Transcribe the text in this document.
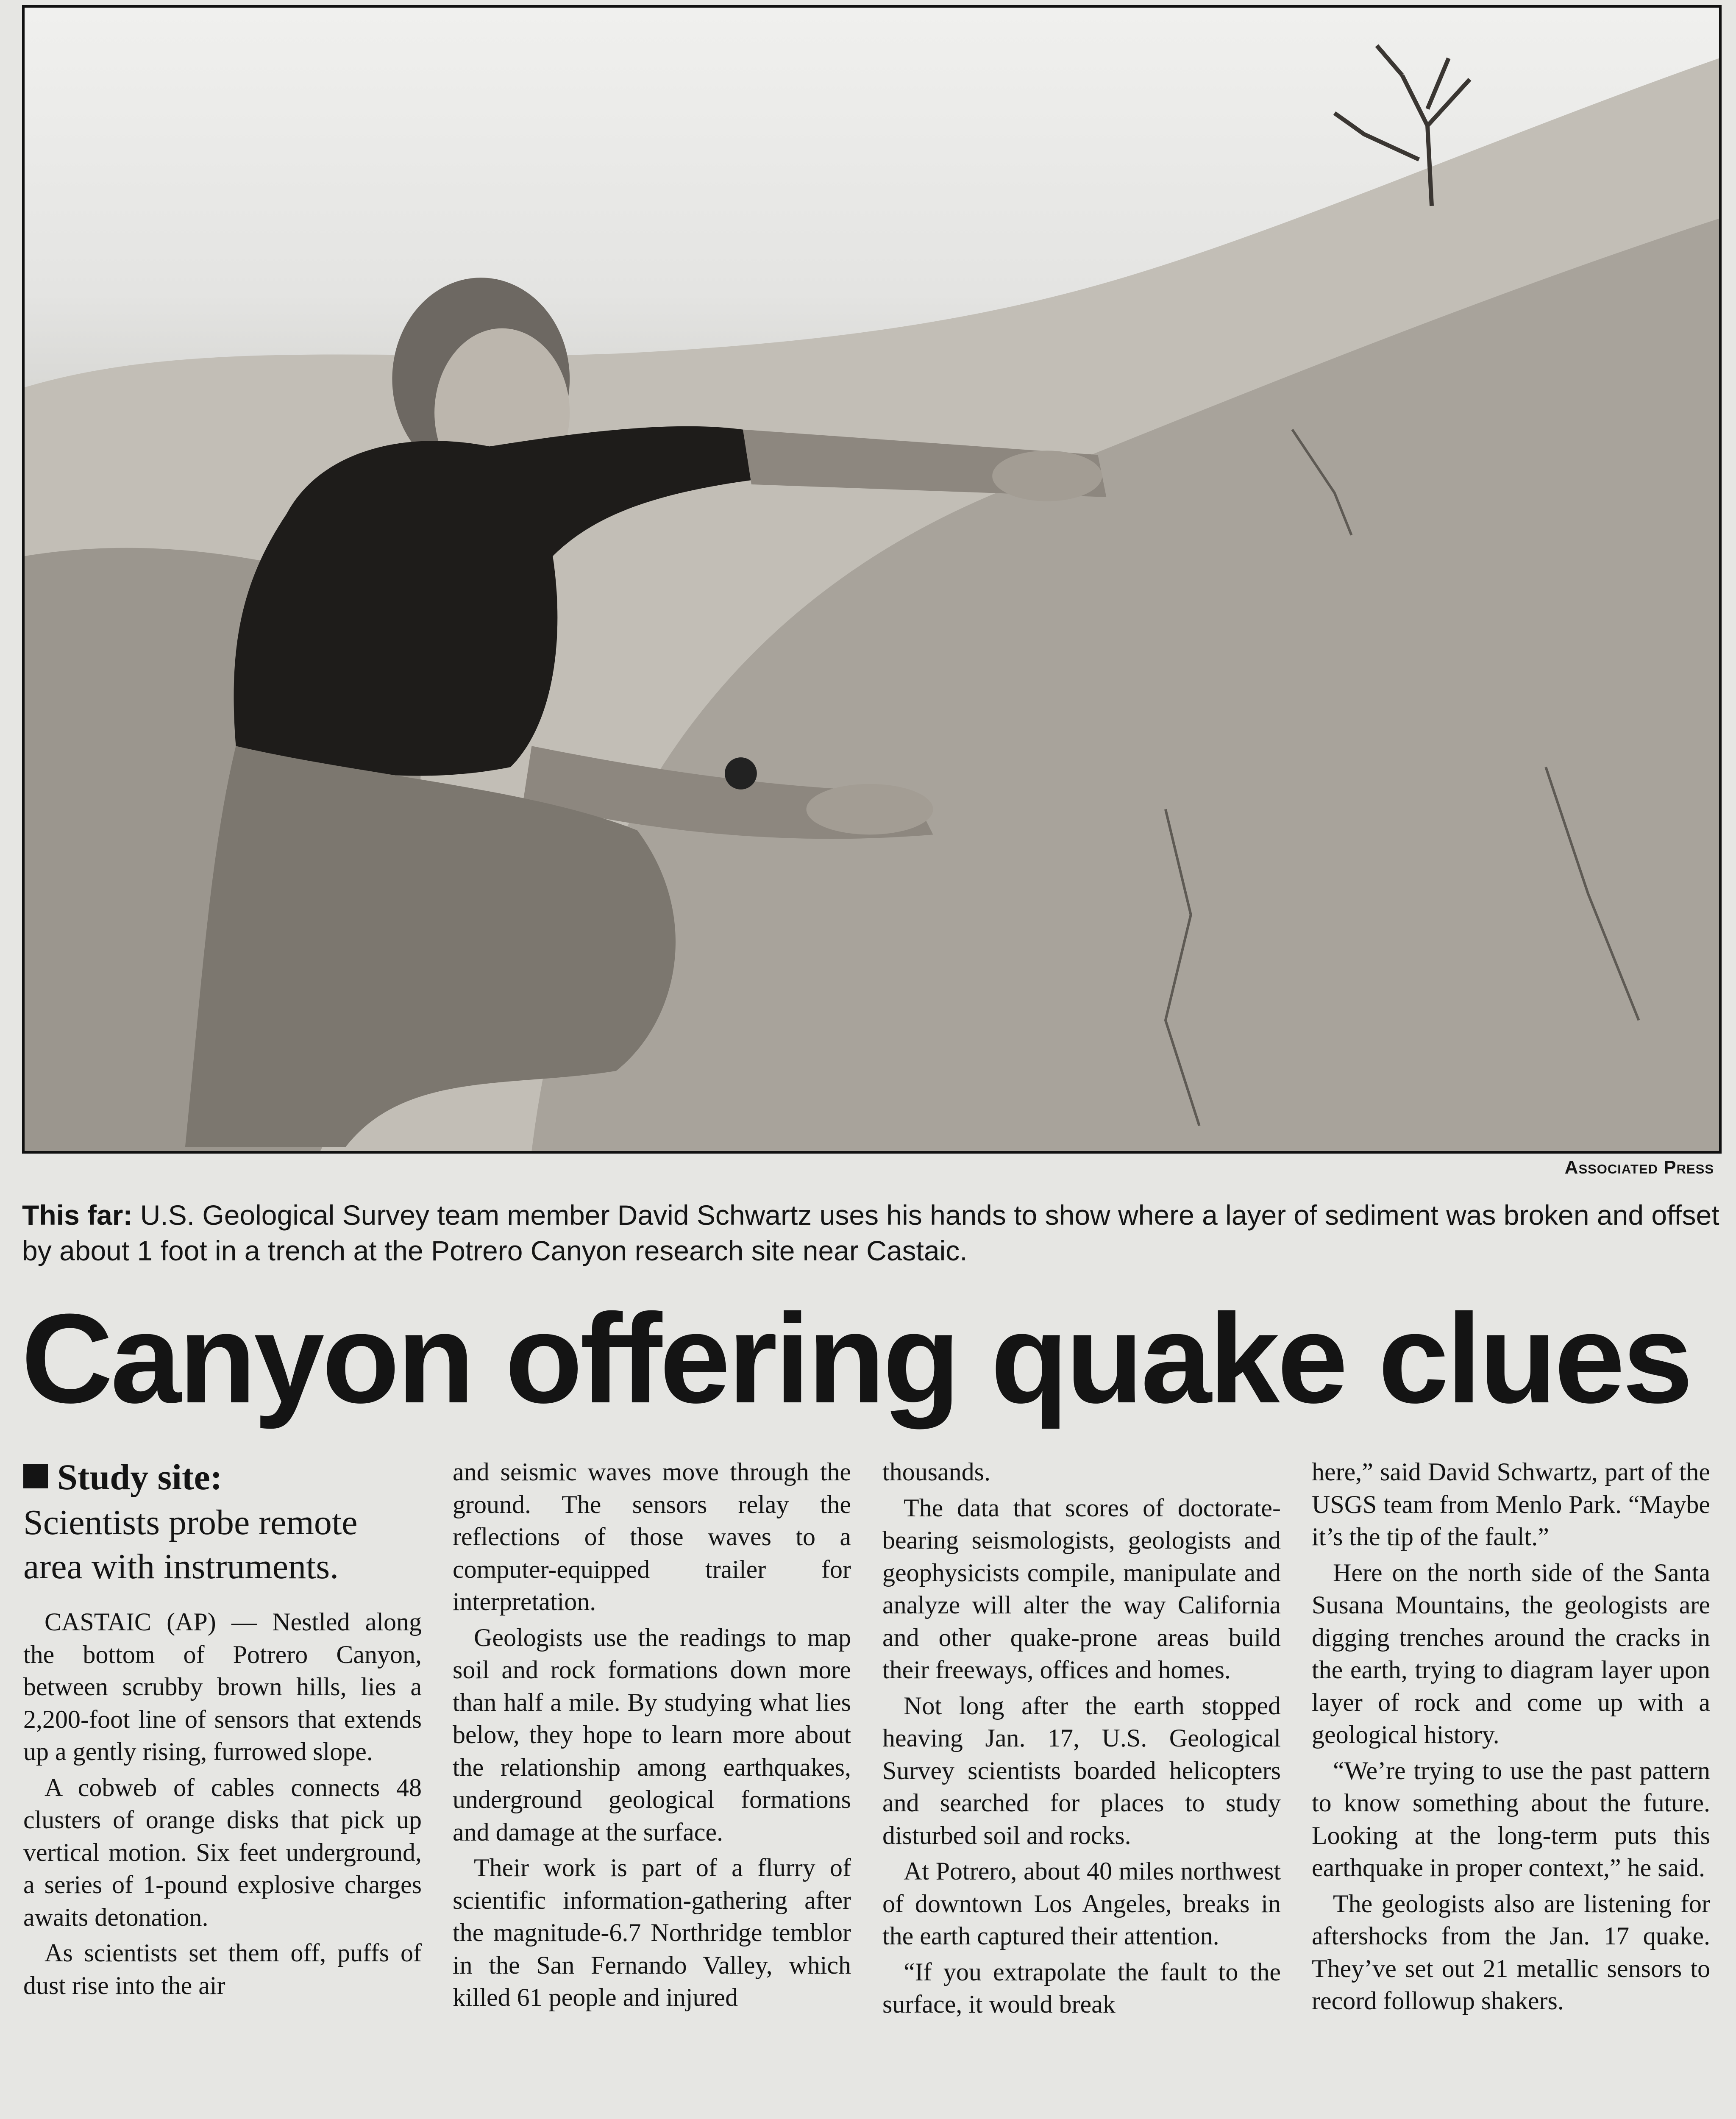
Associated Press
This far: U.S. Geological Survey team member David Schwartz uses his hands to show where a layer of sediment was broken and offset by about 1 foot in a trench at the Potrero Canyon research site near Castaic.
Canyon offering quake clues
Study site:
Scientists probe remote area with instruments.

CASTAIC (AP) — Nestled along the bottom of Potrero Canyon, between scrubby brown hills, lies a 2,200-foot line of sensors that extends up a gently rising, furrowed slope.

A cobweb of cables connects 48 clusters of orange disks that pick up vertical motion. Six feet underground, a series of 1-pound explosive charges awaits detonation.

As scientists set them off, puffs of dust rise into the air

and seismic waves move through the ground. The sensors relay the reflections of those waves to a computer-equipped trailer for interpretation.

Geologists use the readings to map soil and rock formations down more than half a mile. By studying what lies below, they hope to learn more about the relationship among earthquakes, underground geological formations and damage at the surface.

Their work is part of a flurry of scientific information-gathering after the magnitude-6.7 Northridge temblor in the San Fernando Valley, which killed 61 people and injured

thousands.

The data that scores of doctorate-bearing seismologists, geologists and geophysicists compile, manipulate and analyze will alter the way California and other quake-prone areas build their freeways, offices and homes.

Not long after the earth stopped heaving Jan. 17, U.S. Geological Survey scientists boarded helicopters and searched for places to study disturbed soil and rocks.

At Potrero, about 40 miles northwest of downtown Los Angeles, breaks in the earth captured their attention.

“If you extrapolate the fault to the surface, it would break

here,” said David Schwartz, part of the USGS team from Menlo Park. “Maybe it’s the tip of the fault.”

Here on the north side of the Santa Susana Mountains, the geologists are digging trenches around the cracks in the earth, trying to diagram layer upon layer of rock and come up with a geological history.

“We’re trying to use the past pattern to know something about the future. Looking at the long-term puts this earthquake in proper context,” he said.

The geologists also are listening for aftershocks from the Jan. 17 quake. They’ve set out 21 metallic sensors to record followup shakers.
